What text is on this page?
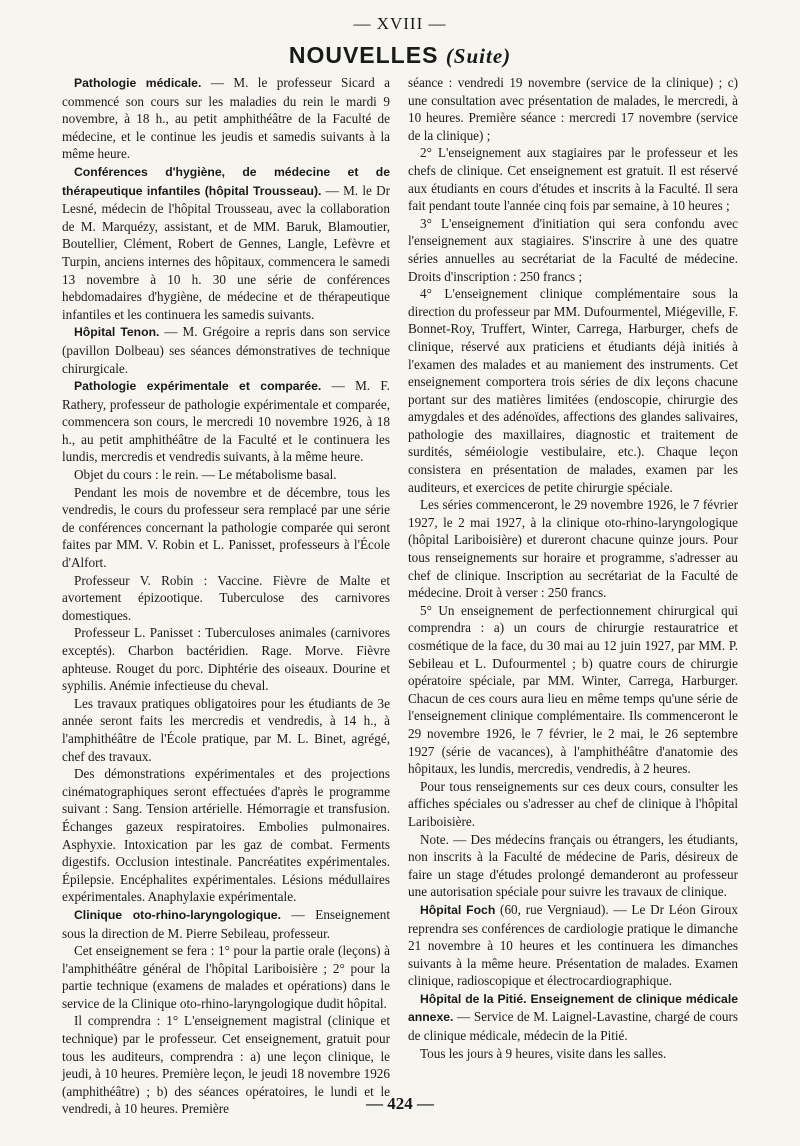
— XVIII —
NOUVELLES (Suite)

Pathologie médicale. — M. le professeur Sicard a commencé son cours sur les maladies du rein le mardi 9 novembre, à 18 h., au petit amphithéâtre de la Faculté de médecine, et le continue les jeudis et samedis suivants à la même heure.

Conférences d'hygiène, de médecine et de thérapeutique infantiles (hôpital Trousseau). — M. le Dr Lesné, médecin de l'hôpital Trousseau, avec la collaboration de M. Marquézy, assistant, et de MM. Baruk, Blamoutier, Boutellier, Clément, Robert de Gennes, Langle, Lefèvre et Turpin, anciens internes des hôpitaux, commencera le samedi 13 novembre à 10 h. 30 une série de conférences hebdomadaires d'hygiène, de médecine et de thérapeutique infantiles et les continuera les samedis suivants.

Hôpital Tenon. — M. Grégoire a repris dans son service (pavillon Dolbeau) ses séances démonstratives de technique chirurgicale.

Pathologie expérimentale et comparée. — M. F. Rathery, professeur de pathologie expérimentale et comparée, commencera son cours, le mercredi 10 novembre 1926, à 18 h., au petit amphithéâtre de la Faculté et le continuera les lundis, mercredis et vendredis suivants, à la même heure.

Objet du cours : le rein. — Le métabolisme basal.

Pendant les mois de novembre et de décembre, tous les vendredis, le cours du professeur sera remplacé par une série de conférences concernant la pathologie comparée qui seront faites par MM. V. Robin et L. Panisset, professeurs à l'École d'Alfort.

Professeur V. Robin : Vaccine. Fièvre de Malte et avortement épizootique. Tuberculose des carnivores domestiques.

Professeur L. Panisset : Tuberculoses animales (carnivores exceptés). Charbon bactéridien. Rage. Morve. Fièvre aphteuse. Rouget du porc. Diphtérie des oiseaux. Dourine et syphilis. Anémie infectieuse du cheval.

Les travaux pratiques obligatoires pour les étudiants de 3e année seront faits les mercredis et vendredis, à 14 h., à l'amphithéâtre de l'École pratique, par M. L. Binet, agrégé, chef des travaux.

Des démonstrations expérimentales et des projections cinématographiques seront effectuées d'après le programme suivant : Sang. Tension artérielle. Hémorragie et transfusion. Échanges gazeux respiratoires. Embolies pulmonaires. Asphyxie. Intoxication par les gaz de combat. Ferments digestifs. Occlusion intestinale. Pancréatites expérimentales. Épilepsie. Encéphalites expérimentales. Lésions médullaires expérimentales. Anaphylaxie expérimentale.

Clinique oto-rhino-laryngologique. — Enseignement sous la direction de M. Pierre Sebileau, professeur.

Cet enseignement se fera : 1° pour la partie orale (leçons) à l'amphithéâtre général de l'hôpital Lariboisière ; 2° pour la partie technique (examens de malades et opérations) dans le service de la Clinique oto-rhino-laryngologique dudit hôpital.

Il comprendra : 1° L'enseignement magistral (clinique et technique) par le professeur. Cet enseignement, gratuit pour tous les auditeurs, comprendra : a) une leçon clinique, le jeudi, à 10 heures. Première leçon, le jeudi 18 novembre 1926 (amphithéâtre) ; b) des séances opératoires, le lundi et le vendredi, à 10 heures. Première

séance : vendredi 19 novembre (service de la clinique) ; c) une consultation avec présentation de malades, le mercredi, à 10 heures. Première séance : mercredi 17 novembre (service de la clinique) ;

2° L'enseignement aux stagiaires par le professeur et les chefs de clinique. Cet enseignement est gratuit. Il est réservé aux étudiants en cours d'études et inscrits à la Faculté. Il sera fait pendant toute l'année cinq fois par semaine, à 10 heures ;

3° L'enseignement d'initiation qui sera confondu avec l'enseignement aux stagiaires. S'inscrire à une des quatre séries annuelles au secrétariat de la Faculté de médecine. Droits d'inscription : 250 francs ;

4° L'enseignement clinique complémentaire sous la direction du professeur par MM. Dufourmentel, Miégeville, F. Bonnet-Roy, Truffert, Winter, Carrega, Harburger, chefs de clinique, réservé aux praticiens et étudiants déjà initiés à l'examen des malades et au maniement des instruments. Cet enseignement comportera trois séries de dix leçons chacune portant sur des matières limitées (endoscopie, chirurgie des amygdales et des adénoïdes, affections des glandes salivaires, pathologie des maxillaires, diagnostic et traitement de surdités, séméiologie vestibulaire, etc.). Chaque leçon consistera en présentation de malades, examen par les auditeurs, et exercices de petite chirurgie spéciale.

Les séries commenceront, le 29 novembre 1926, le 7 février 1927, le 2 mai 1927, à la clinique oto-rhino-laryngologique (hôpital Lariboisière) et dureront chacune quinze jours. Pour tous renseignements sur horaire et programme, s'adresser au chef de clinique. Inscription au secrétariat de la Faculté de médecine. Droit à verser : 250 francs.

5° Un enseignement de perfectionnement chirurgical qui comprendra : a) un cours de chirurgie restauratrice et cosmétique de la face, du 30 mai au 12 juin 1927, par MM. P. Sebileau et L. Dufourmentel ; b) quatre cours de chirurgie opératoire spéciale, par MM. Winter, Carrega, Harburger. Chacun de ces cours aura lieu en même temps qu'une série de l'enseignement clinique complémentaire. Ils commenceront le 29 novembre 1926, le 7 février, le 2 mai, le 26 septembre 1927 (série de vacances), à l'amphithéâtre d'anatomie des hôpitaux, les lundis, mercredis, vendredis, à 2 heures.

Pour tous renseignements sur ces deux cours, consulter les affiches spéciales ou s'adresser au chef de clinique à l'hôpital Lariboisière.

Note. — Des médecins français ou étrangers, les étudiants, non inscrits à la Faculté de médecine de Paris, désireux de faire un stage d'études prolongé demanderont au professeur une autorisation spéciale pour suivre les travaux de clinique.

Hôpital Foch (60, rue Vergniaud). — Le Dr Léon Giroux reprendra ses conférences de cardiologie pratique le dimanche 21 novembre à 10 heures et les continuera les dimanches suivants à la même heure. Présentation de malades. Examen clinique, radioscopique et électrocardiographique.

Hôpital de la Pitié. Enseignement de clinique médicale annexe. — Service de M. Laignel-Lavastine, chargé de cours de clinique médicale, médecin de la Pitié.

Tous les jours à 9 heures, visite dans les salles.

— 424 —
